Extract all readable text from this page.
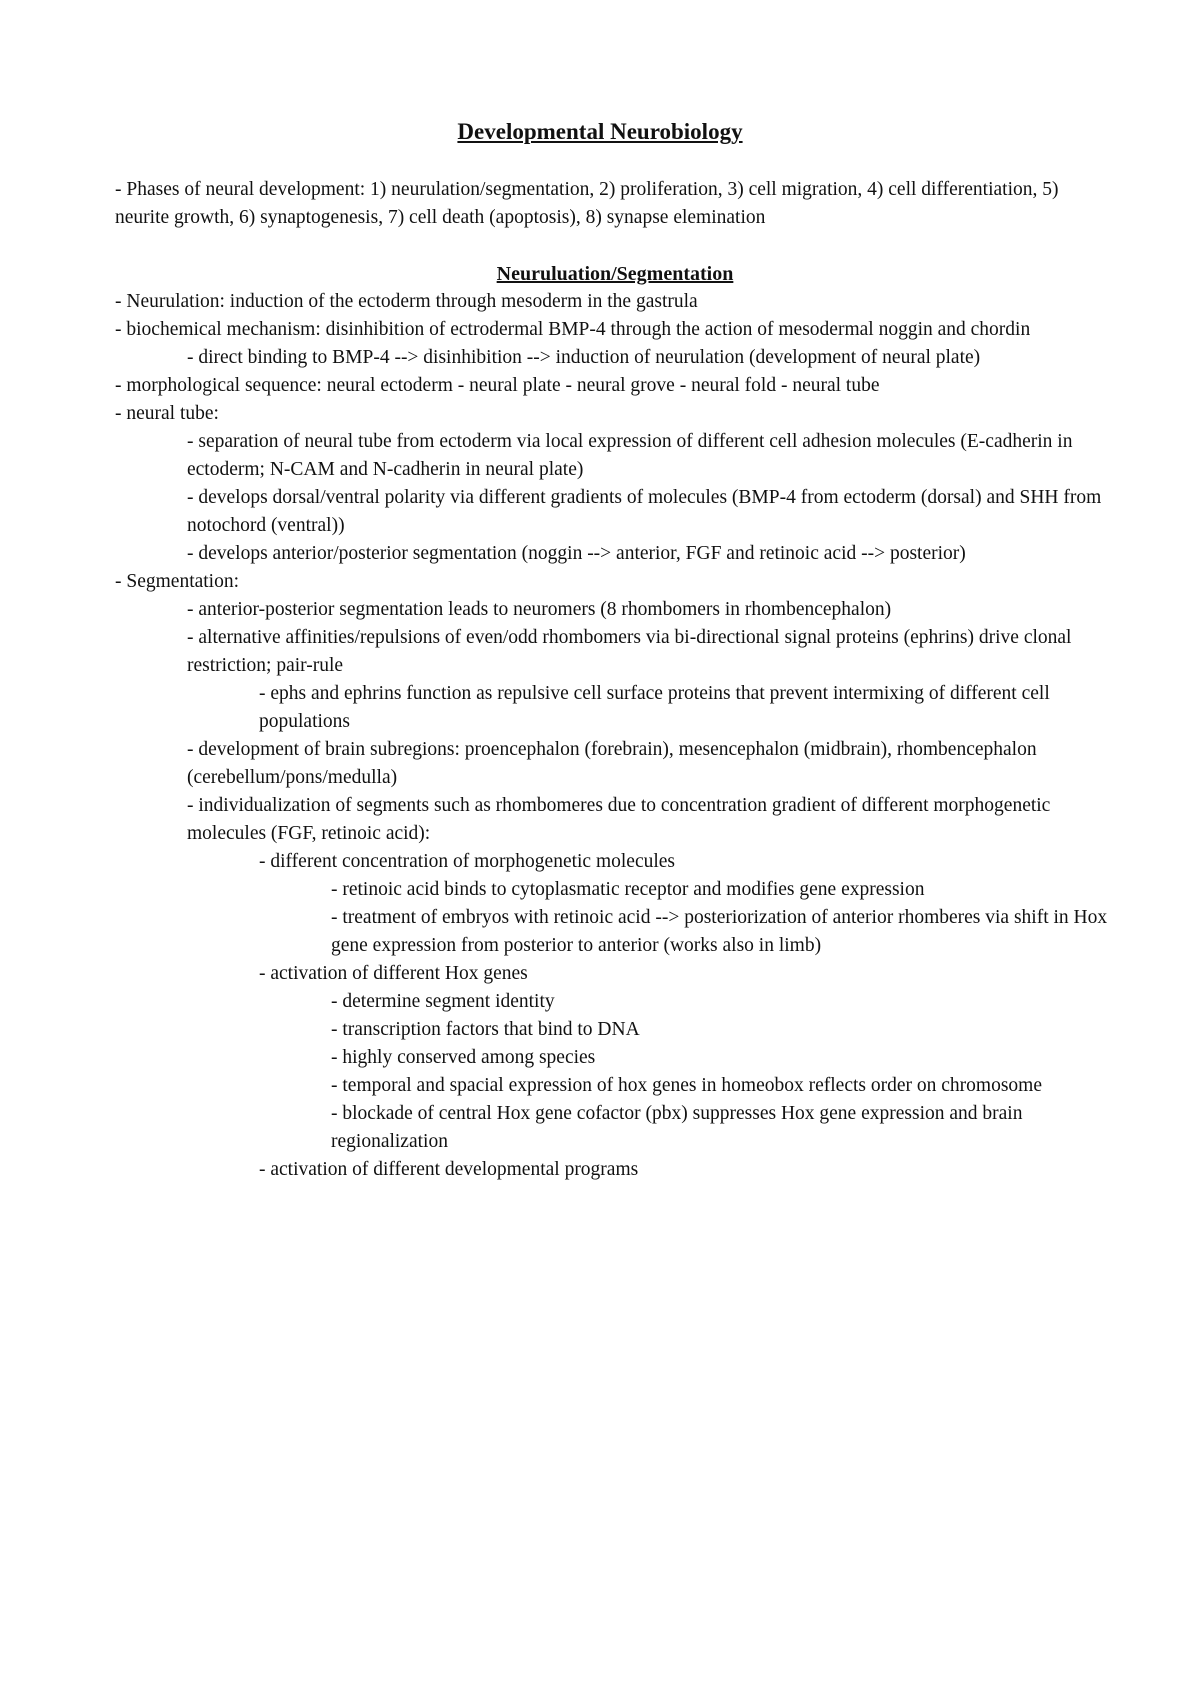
Developmental Neurobiology

- Phases of neural development: 1) neurulation/segmentation, 2) proliferation, 3) cell migration, 4) cell differentiation, 5) neurite growth, 6) synaptogenesis, 7) cell death (apoptosis), 8) synapse elemination

Neuruluation/Segmentation

- Neurulation: induction of the ectoderm through mesoderm in the gastrula

- biochemical mechanism: disinhibition of ectrodermal BMP-4 through the action of mesodermal noggin and chordin

- direct binding to BMP-4 --> disinhibition --> induction of neurulation (development of neural plate)

- morphological sequence: neural ectoderm - neural plate - neural grove - neural fold - neural tube

- neural tube:

- separation of neural tube from ectoderm via local expression of different cell adhesion molecules (E-cadherin in ectoderm; N-CAM and N-cadherin in neural plate)

- develops dorsal/ventral polarity via different gradients of molecules (BMP-4 from ectoderm (dorsal) and SHH from notochord (ventral))

- develops anterior/posterior segmentation (noggin --> anterior, FGF and retinoic acid --> posterior)

- Segmentation:

- anterior-posterior segmentation leads to neuromers (8 rhombomers in rhombencephalon)

- alternative affinities/repulsions of even/odd rhombomers via bi-directional signal proteins (ephrins) drive clonal restriction; pair-rule

- ephs and ephrins function as repulsive cell surface proteins that prevent intermixing of different cell populations

- development of brain subregions: proencephalon (forebrain), mesencephalon (midbrain), rhombencephalon (cerebellum/pons/medulla)

- individualization of segments such as rhombomeres due to concentration gradient of different morphogenetic molecules (FGF, retinoic acid):

- different concentration of morphogenetic molecules

- retinoic acid binds to cytoplasmatic receptor and modifies gene expression

- treatment of embryos with retinoic acid --> posteriorization of anterior rhomberes via shift in Hox gene expression from posterior to anterior (works also in limb)

- activation of different Hox genes

- determine segment identity

- transcription factors that bind to DNA

- highly conserved among species

- temporal and spacial expression of hox genes in homeobox reflects order on chromosome

- blockade of central Hox gene cofactor (pbx) suppresses Hox gene expression and brain regionalization

- activation of different developmental programs
